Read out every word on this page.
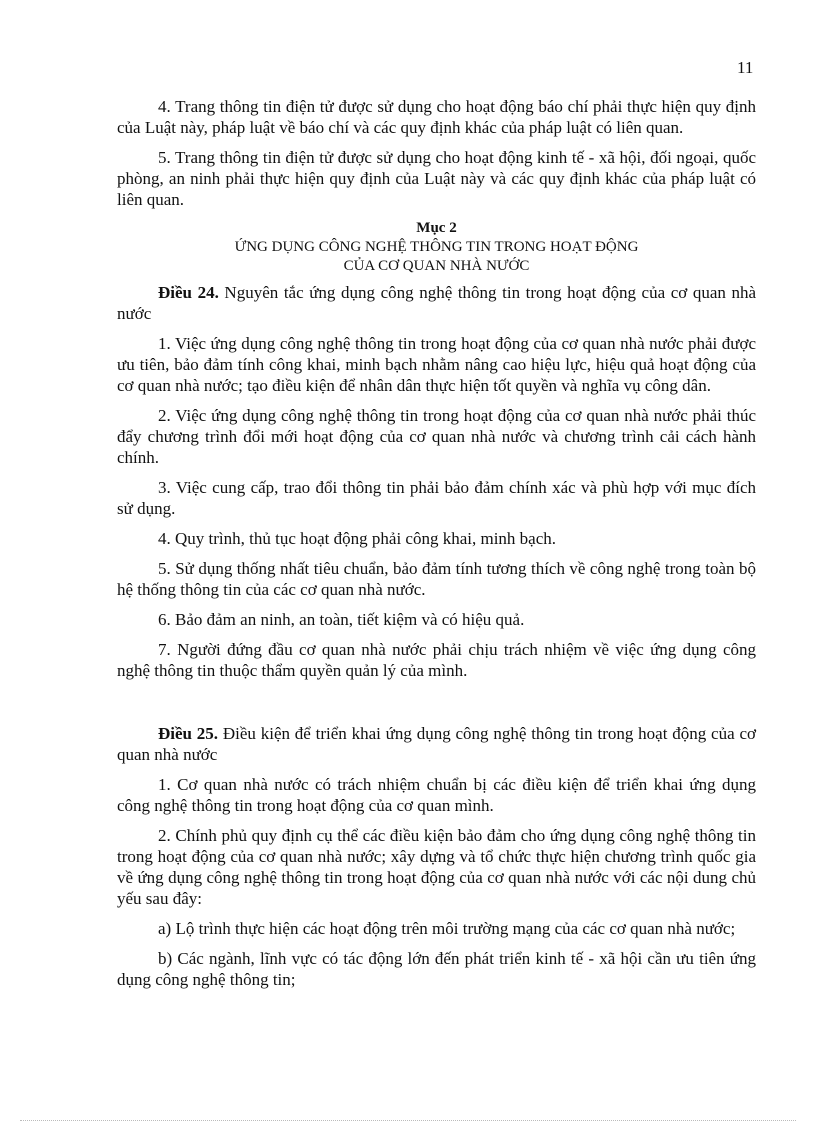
11

4. Trang thông tin điện tử được sử dụng cho hoạt động báo chí phải thực hiện quy định của Luật này, pháp luật về báo chí và các quy định khác của pháp luật có liên quan.

5. Trang thông tin điện tử được sử dụng cho hoạt động kinh tế - xã hội, đối ngoại, quốc phòng, an ninh phải thực hiện quy định của Luật này và các quy định khác của pháp luật có liên quan.

Mục 2
ỨNG DỤNG CÔNG NGHỆ THÔNG TIN TRONG HOẠT ĐỘNG
CỦA CƠ QUAN NHÀ NƯỚC

Điều 24. Nguyên tắc ứng dụng công nghệ thông tin trong hoạt động của cơ quan nhà nước

1. Việc ứng dụng công nghệ thông tin trong hoạt động của cơ quan nhà nước phải được ưu tiên, bảo đảm tính công khai, minh bạch nhằm nâng cao hiệu lực, hiệu quả hoạt động của cơ quan nhà nước; tạo điều kiện để nhân dân thực hiện tốt quyền và nghĩa vụ công dân.

2. Việc ứng dụng công nghệ thông tin trong hoạt động của cơ quan nhà nước phải thúc đẩy chương trình đổi mới hoạt động của cơ quan nhà nước và chương trình cải cách hành chính.

3. Việc cung cấp, trao đổi thông tin phải bảo đảm chính xác và phù hợp với mục đích sử dụng.

4. Quy trình, thủ tục hoạt động phải công khai, minh bạch.

5. Sử dụng thống nhất tiêu chuẩn, bảo đảm tính tương thích về công nghệ trong toàn bộ hệ thống thông tin của các cơ quan nhà nước.

6. Bảo đảm an ninh, an toàn, tiết kiệm và có hiệu quả.

7. Người đứng đầu cơ quan nhà nước phải chịu trách nhiệm về việc ứng dụng công nghệ thông tin thuộc thẩm quyền quản lý của mình.

Điều 25. Điều kiện để triển khai ứng dụng công nghệ thông tin trong hoạt động của cơ quan nhà nước

1. Cơ quan nhà nước có trách nhiệm chuẩn bị các điều kiện để triển khai ứng dụng công nghệ thông tin trong hoạt động của cơ quan mình.

2. Chính phủ quy định cụ thể các điều kiện bảo đảm cho ứng dụng công nghệ thông tin trong hoạt động của cơ quan nhà nước; xây dựng và tổ chức thực hiện chương trình quốc gia về ứng dụng công nghệ thông tin trong hoạt động của cơ quan nhà nước với các nội dung chủ yếu sau đây:

a) Lộ trình thực hiện các hoạt động trên môi trường mạng của các cơ quan nhà nước;

b) Các ngành, lĩnh vực có tác động lớn đến phát triển kinh tế - xã hội cần ưu tiên ứng dụng công nghệ thông tin;
